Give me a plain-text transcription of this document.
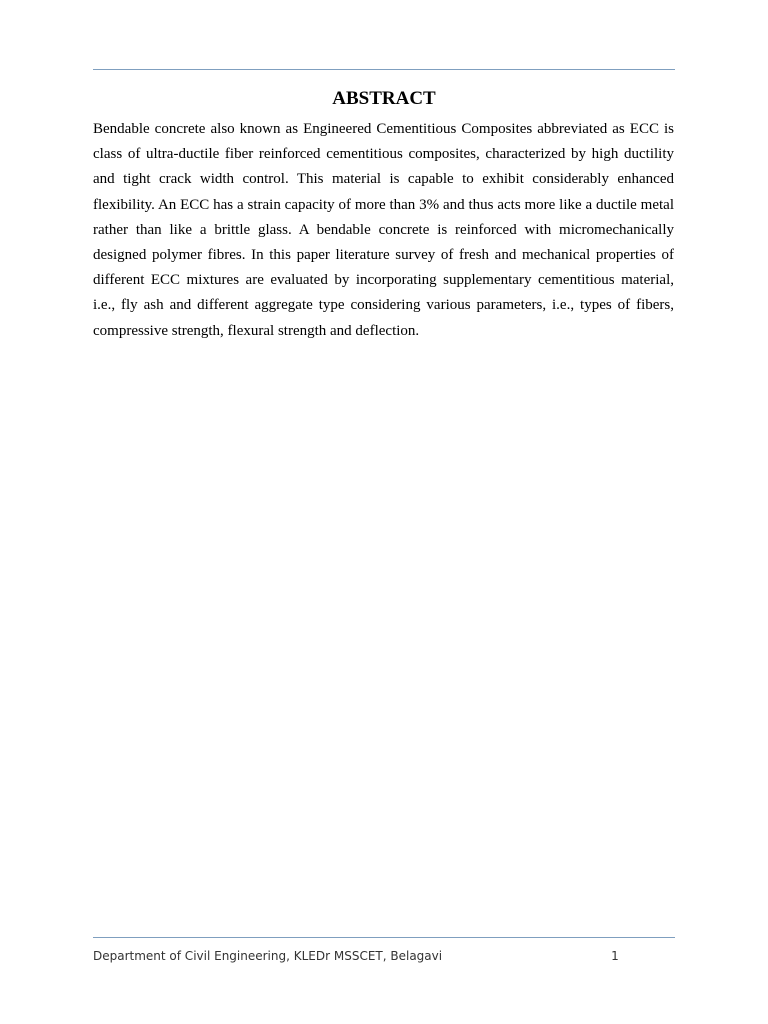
ABSTRACT

Bendable concrete also known as Engineered Cementitious Composites abbreviated as ECC is class of ultra-ductile fiber reinforced cementitious composites, characterized by high ductility and tight crack width control. This material is capable to exhibit considerably enhanced flexibility. An ECC has a strain capacity of more than 3% and thus acts more like a ductile metal rather than like a brittle glass. A bendable concrete is reinforced with micromechanically designed polymer fibres. In this paper literature survey of fresh and mechanical properties of different ECC mixtures are evaluated by incorporating supplementary cementitious material, i.e., fly ash and different aggregate type considering various parameters, i.e., types of fibers, compressive strength, flexural strength and deflection.

Department of Civil Engineering, KLEDr MSSCET, Belagavi	1
